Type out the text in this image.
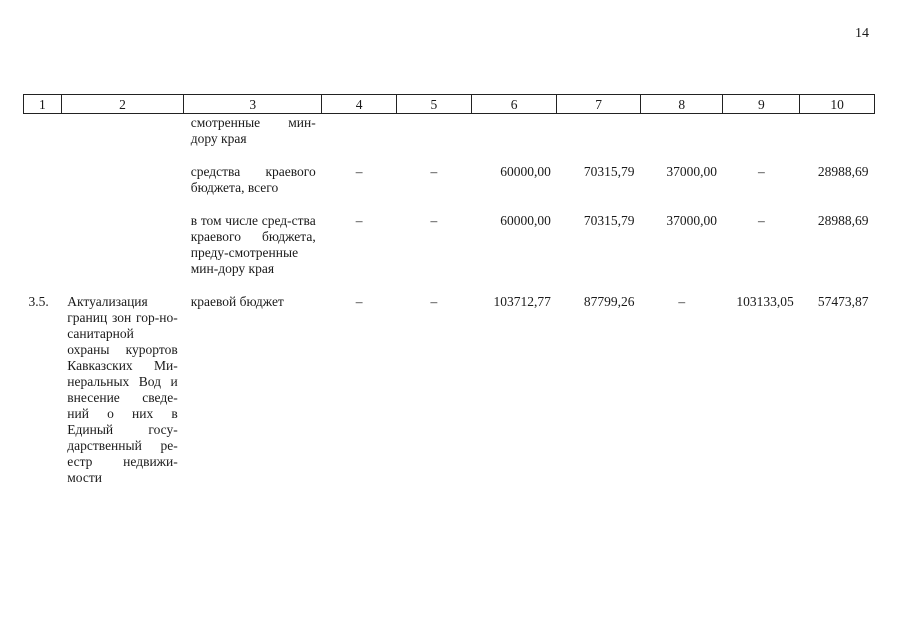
14
1	2	3	4	5	6	7	8	9	10
		смотренные мин-дору края							

		средства краевого бюджета, всего	–	–	60000,00	70315,79	37000,00	–	28988,69

		в том числе сред-ства краевого бюджета, преду-смотренные мин-дору края	–	–	60000,00	70315,79	37000,00	–	28988,69

3.5.	Актуализация границ зон гор-но-санитарной охраны курортов Кавказских Ми-неральных Вод и внесение сведе-ний о них в Единый госу-дарственный ре-естр недвижи-мости	краевой бюджет	–	–	103712,77	87799,26	–	103133,05	57473,87
